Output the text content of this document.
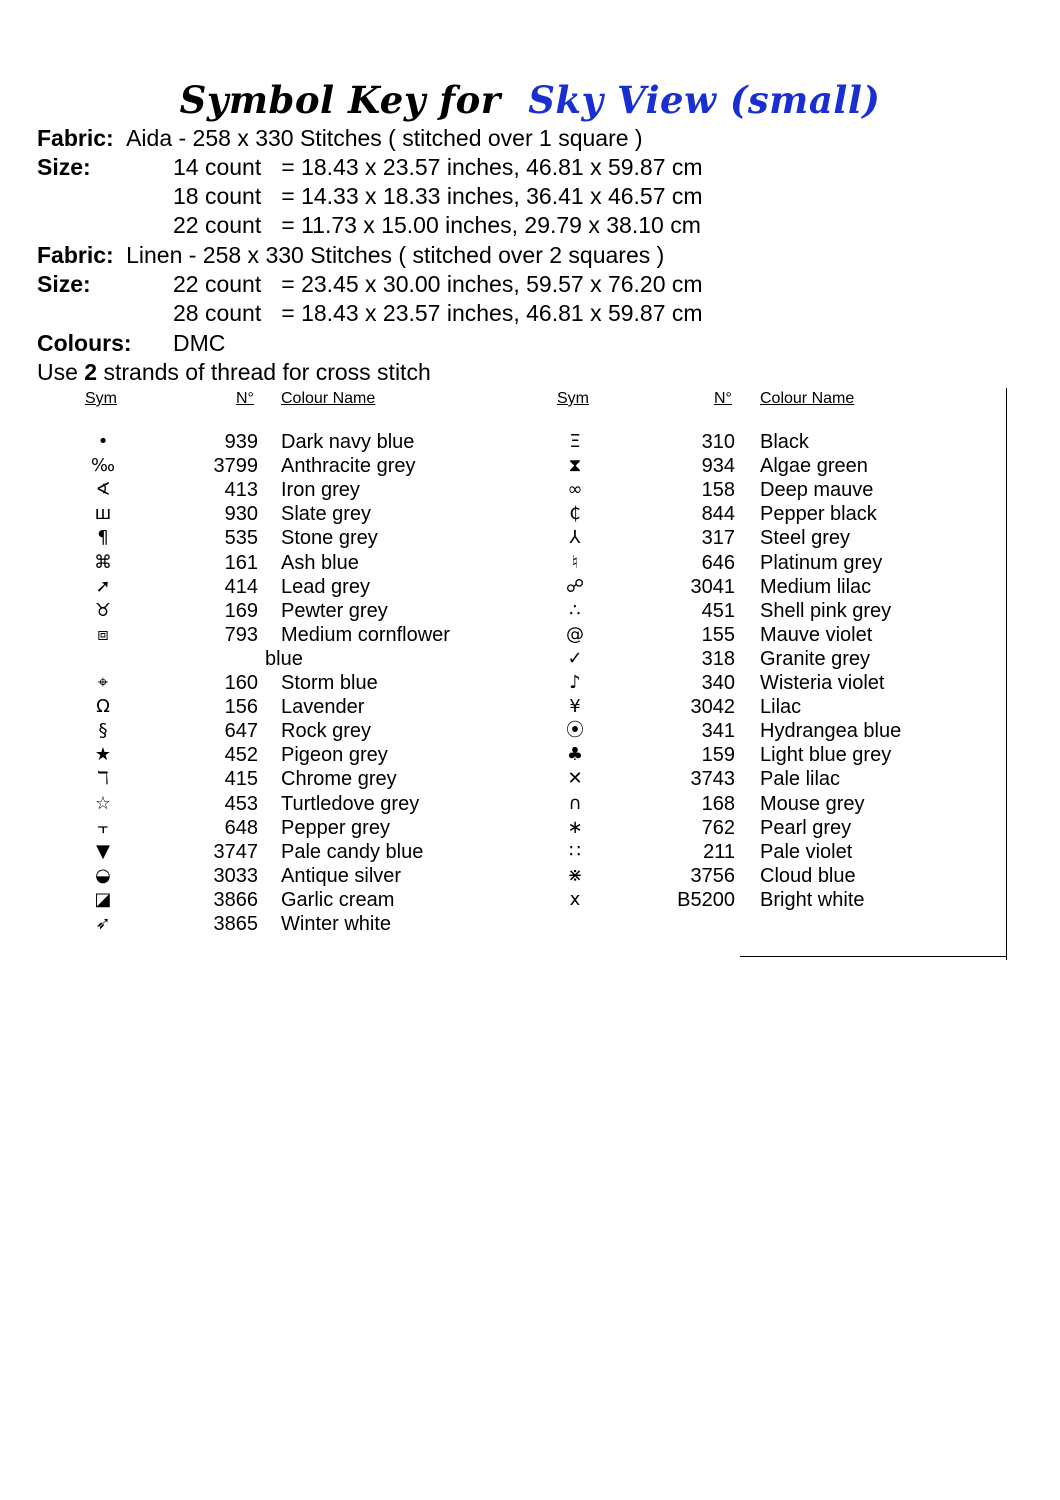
Symbol Key for Sky View (small)
Fabric: Aida - 258 x 330 Stitches ( stitched over 1 square )
Size:	14 count = 18.43 x 23.57 inches, 46.81 x 59.87 cm
18 count = 14.33 x 18.33 inches, 36.41 x 46.57 cm
22 count = 11.73 x 15.00 inches, 29.79 x 38.10 cm
Fabric: Linen - 258 x 330 Stitches ( stitched over 2 squares )
Size:	22 count = 23.45 x 30.00 inches, 59.57 x 76.20 cm
28 count = 18.43 x 23.57 inches, 46.81 x 59.87 cm
Colours: DMC
Use 2 strands of thread for cross stitch
Sym	N° Colour Name	Sym	N° Colour Name
•	939 Dark navy blue
‰	3799 Anthracite grey
∢	413 Iron grey
ш	930 Slate grey
¶	535 Stone grey
⌘	161 Ash blue
➚	414 Lead grey
♉	169 Pewter grey
⧈	793 Medium cornflower
blue
⌖	160 Storm blue
Ω	156 Lavender
§	647 Rock grey
★	452 Pigeon grey
ℸ	415 Chrome grey
☆	453 Turtledove grey
⫟	648 Pepper grey
▼	3747 Pale candy blue
◒	3033 Antique silver
◪	3866 Garlic cream
➶	3865 Winter white
Ξ	310 Black
⧗	934 Algae green
∞	158 Deep mauve
₵	844 Pepper black
⅄	317 Steel grey
♮	646 Platinum grey
☍	3041 Medium lilac
∴	451 Shell pink grey
@	155 Mauve violet
✓	318 Granite grey
♪	340 Wisteria violet
¥	3042 Lilac
⦿	341 Hydrangea blue
♣	159 Light blue grey
✕	3743 Pale lilac
∩	168 Mouse grey
∗	762 Pearl grey
∷	211 Pale violet
⋇	3756 Cloud blue
x	B5200 Bright white
